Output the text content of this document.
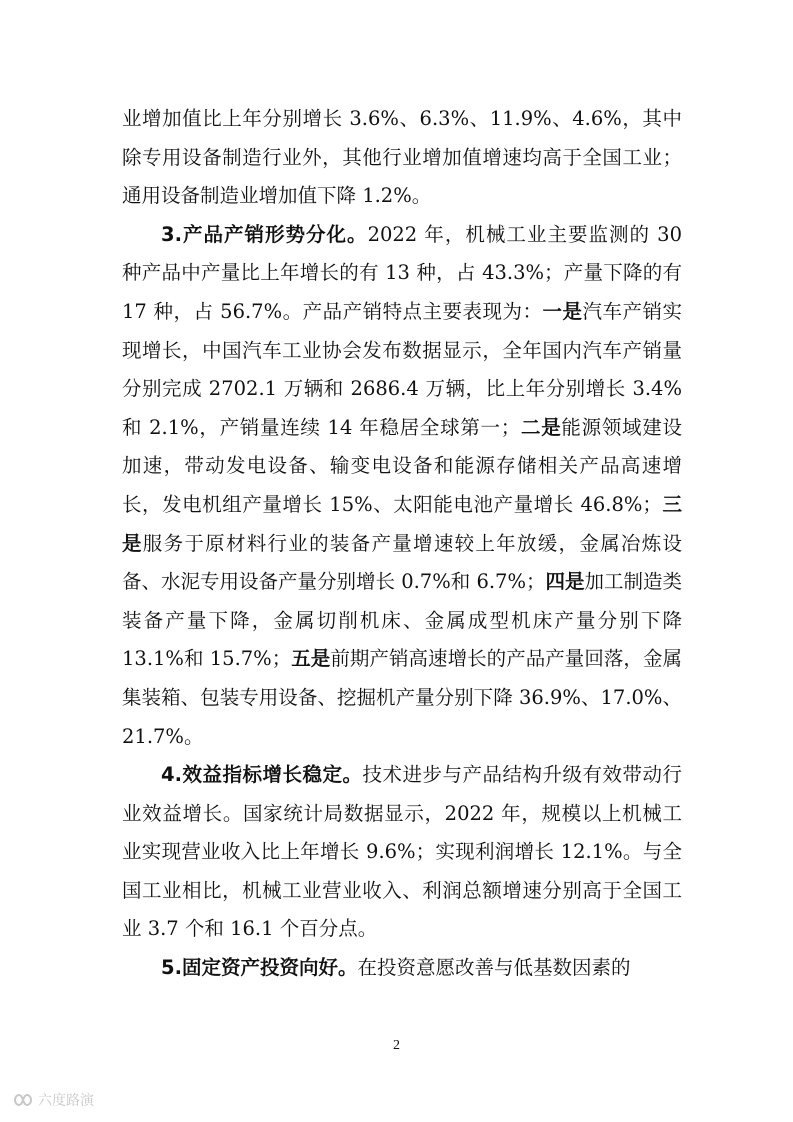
业增加值比上年分别增长 3.6%、6.3%、11.9%、4.6%，其中除专用设备制造行业外，其他行业增加值增速均高于全国工业；通用设备制造业增加值下降 1.2%。

3.产品产销形势分化。2022 年，机械工业主要监测的 30 种产品中产量比上年增长的有 13 种，占 43.3%；产量下降的有 17 种，占 56.7%。产品产销特点主要表现为：一是汽车产销实现增长，中国汽车工业协会发布数据显示，全年国内汽车产销量分别完成 2702.1 万辆和 2686.4 万辆，比上年分别增长 3.4%和 2.1%，产销量连续 14 年稳居全球第一；二是能源领域建设加速，带动发电设备、输变电设备和能源存储相关产品高速增长，发电机组产量增长 15%、太阳能电池产量增长 46.8%；三是服务于原材料行业的装备产量增速较上年放缓，金属冶炼设备、水泥专用设备产量分别增长 0.7%和 6.7%；四是加工制造类装备产量下降，金属切削机床、金属成型机床产量分别下降 13.1%和 15.7%；五是前期产销高速增长的产品产量回落，金属集装箱、包装专用设备、挖掘机产量分别下降 36.9%、17.0%、21.7%。

4.效益指标增长稳定。技术进步与产品结构升级有效带动行业效益增长。国家统计局数据显示，2022 年，规模以上机械工业实现营业收入比上年增长 9.6%；实现利润增长 12.1%。与全国工业相比，机械工业营业收入、利润总额增速分别高于全国工业 3.7 个和 16.1 个百分点。

5.固定资产投资向好。在投资意愿改善与低基数因素的

2
六度路演
